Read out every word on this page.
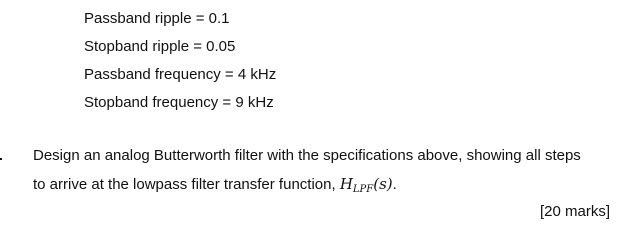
Passband ripple = 0.1
Stopband ripple = 0.05
Passband frequency = 4 kHz
Stopband frequency = 9 kHz
Design an analog Butterworth filter with the specifications above, showing all steps
to arrive at the lowpass filter transfer function, $H_{LPF}(s)$.
[20 marks]
